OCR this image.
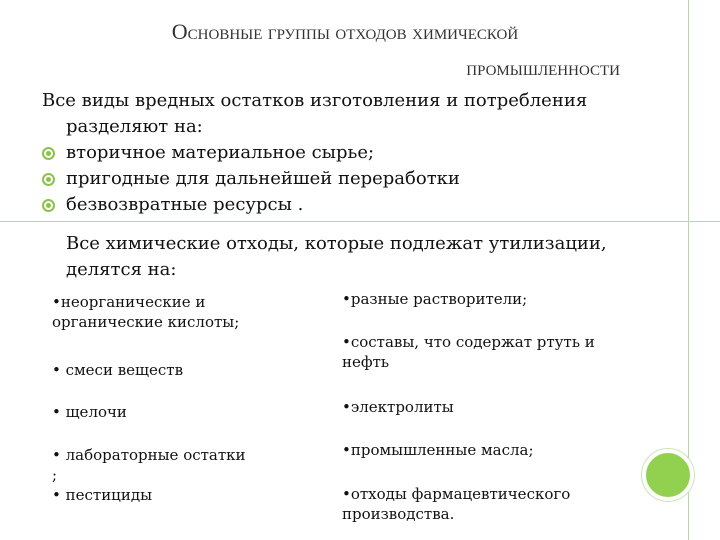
Основные группы отходов химической
промышленности
Все виды вредных остатков изготовления и потребления
разделяют на:
вторичное материальное сырье;
пригодные для дальнейшей переработки
безвозвратные ресурсы .
Все химические отходы, которые подлежат утилизации,
делятся на:
•неорганические и
органические кислоты;
• смеси веществ
• щелочи
• лабораторные остатки
;
• пестициды
•разные растворители;
•составы, что содержат ртуть и
нефть
•электролиты
•промышленные масла;
•отходы фармацевтического
производства.
